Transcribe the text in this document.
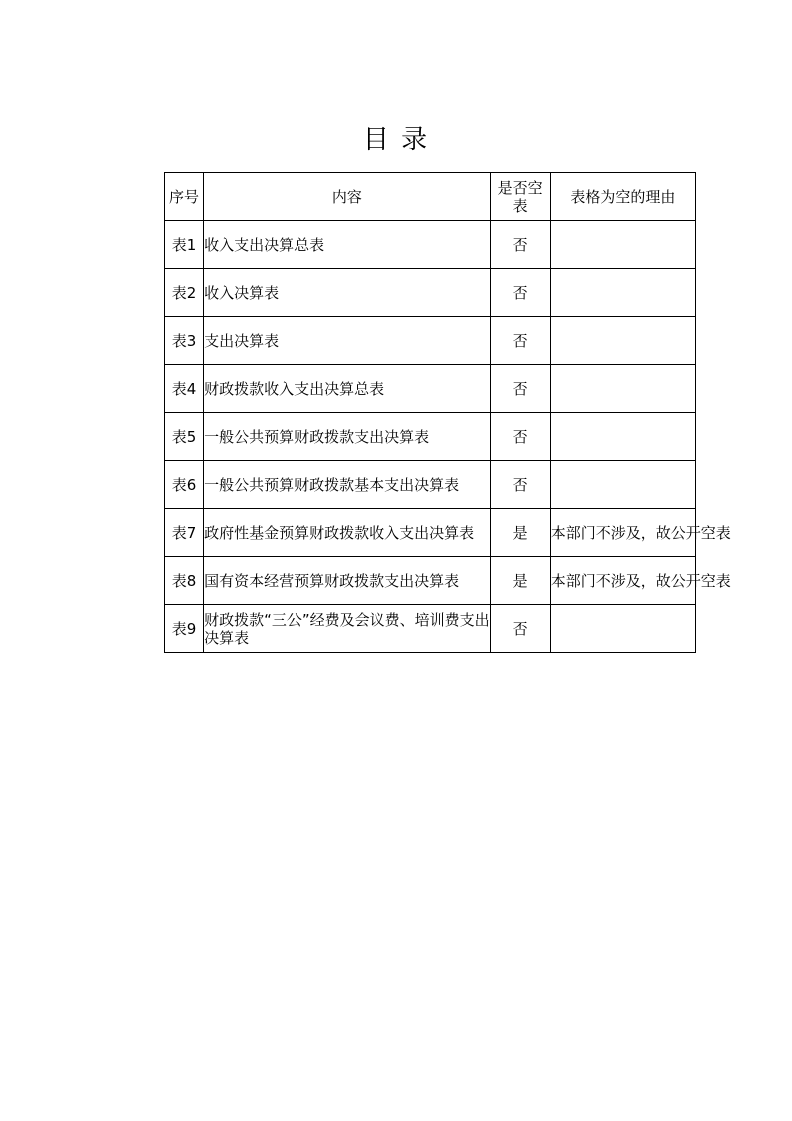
目 录
序号	内容	是否空表	表格为空的理由
表1	收入支出决算总表	否	
表2	收入决算表	否	
表3	支出决算表	否	
表4	财政拨款收入支出决算总表	否	
表5	一般公共预算财政拨款支出决算表	否	
表6	一般公共预算财政拨款基本支出决算表	否	
表7	政府性基金预算财政拨款收入支出决算表	是	本部门不涉及，故公开空表
表8	国有资本经营预算财政拨款支出决算表	是	本部门不涉及，故公开空表
表9	财政拨款“三公”经费及会议费、培训费支出决算表	否	
